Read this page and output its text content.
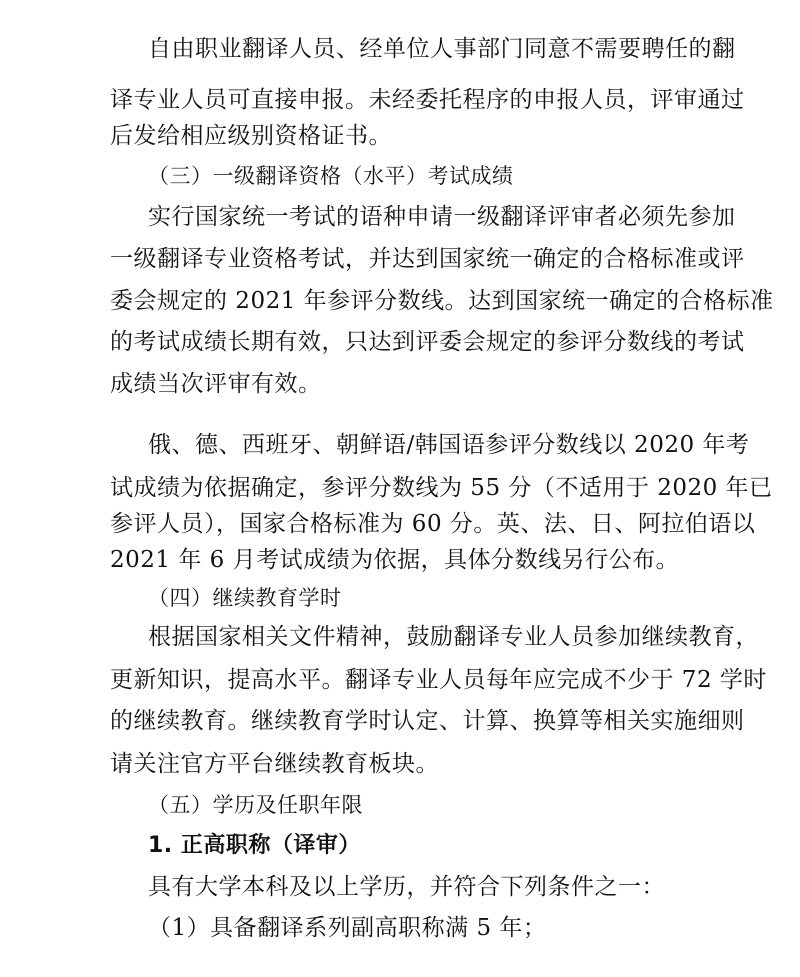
自由职业翻译人员、经单位人事部门同意不需要聘任的翻
译专业人员可直接申报。未经委托程序的申报人员，评审通过
后发给相应级别资格证书。
（三）一级翻译资格（水平）考试成绩
实行国家统一考试的语种申请一级翻译评审者必须先参加
一级翻译专业资格考试，并达到国家统一确定的合格标准或评
委会规定的 2021 年参评分数线。达到国家统一确定的合格标准
的考试成绩长期有效，只达到评委会规定的参评分数线的考试
成绩当次评审有效。
俄、德、西班牙、朝鲜语/韩国语参评分数线以 2020 年考
试成绩为依据确定，参评分数线为 55 分（不适用于 2020 年已
参评人员），国家合格标准为 60 分。英、法、日、阿拉伯语以
2021 年 6 月考试成绩为依据，具体分数线另行公布。
（四）继续教育学时
根据国家相关文件精神，鼓励翻译专业人员参加继续教育，
更新知识，提高水平。翻译专业人员每年应完成不少于 72 学时
的继续教育。继续教育学时认定、计算、换算等相关实施细则
请关注官方平台继续教育板块。
（五）学历及任职年限
1. 正高职称（译审）
具有大学本科及以上学历，并符合下列条件之一：
（1）具备翻译系列副高职称满 5 年；
